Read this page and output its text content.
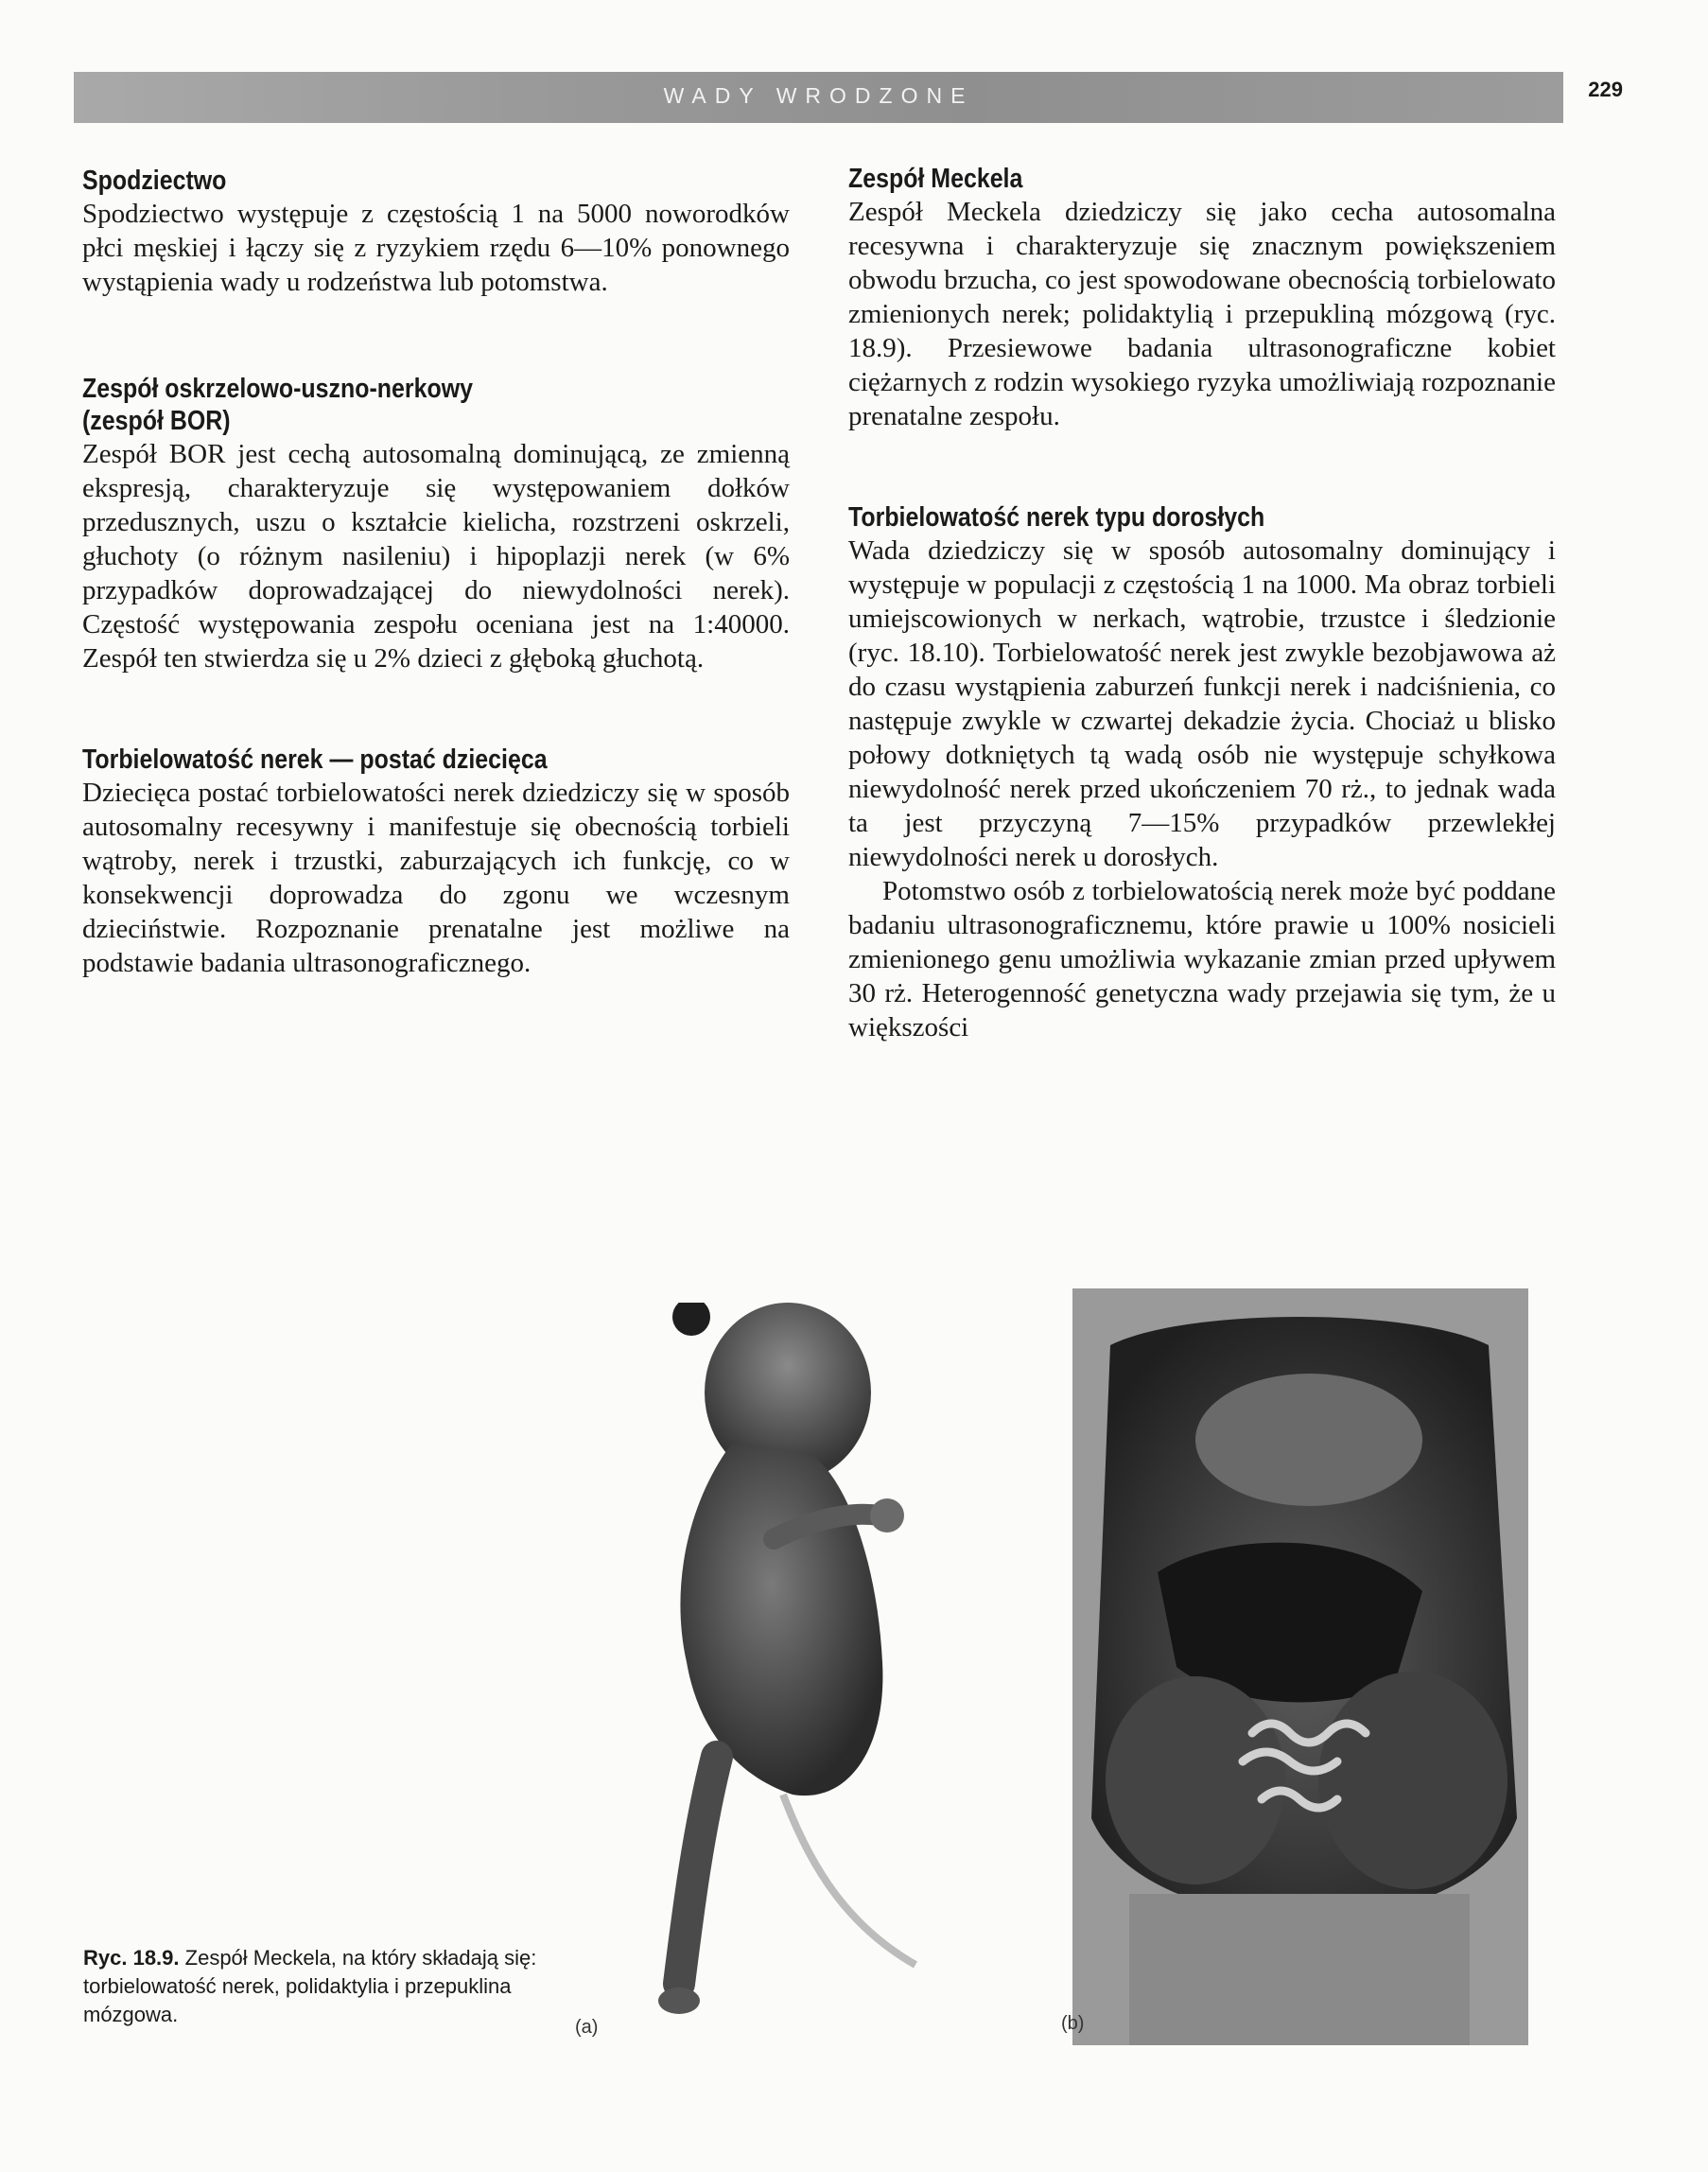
WADY WRODZONE	229
Spodziectwo

Spodziectwo występuje z częstością 1 na 5000 noworodków płci męskiej i łączy się z ryzykiem rzędu 6—10% ponownego wystąpienia wady u rodzeństwa lub potomstwa.

Zespół oskrzelowo-uszno-nerkowy
(zespół BOR)

Zespół BOR jest cechą autosomalną dominującą, ze zmienną ekspresją, charakteryzuje się występowaniem dołków przedusznych, uszu o kształcie kielicha, rozstrzeni oskrzeli, głuchoty (o różnym nasileniu) i hipoplazji nerek (w 6% przypadków doprowadzającej do niewydolności nerek). Częstość występowania zespołu oceniana jest na 1:40000. Zespół ten stwierdza się u 2% dzieci z głęboką głuchotą.

Torbielowatość nerek — postać dziecięca

Dziecięca postać torbielowatości nerek dziedziczy się w sposób autosomalny recesywny i manifestuje się obecnością torbieli wątroby, nerek i trzustki, zaburzających ich funkcję, co w konsekwencji doprowadza do zgonu we wczesnym dzieciństwie. Rozpoznanie prenatalne jest możliwe na podstawie badania ultrasonograficznego.

Zespół Meckela

Zespół Meckela dziedziczy się jako cecha autosomalna recesywna i charakteryzuje się znacznym powiększeniem obwodu brzucha, co jest spowodowane obecnością torbielowato zmienionych nerek; polidaktylią i przepukliną mózgową (ryc. 18.9). Przesiewowe badania ultrasonograficzne kobiet ciężarnych z rodzin wysokiego ryzyka umożliwiają rozpoznanie prenatalne zespołu.

Torbielowatość nerek typu dorosłych

Wada dziedziczy się w sposób autosomalny dominujący i występuje w populacji z częstością 1 na 1000. Ma obraz torbieli umiejscowionych w nerkach, wątrobie, trzustce i śledzionie (ryc. 18.10). Torbielowatość nerek jest zwykle bezobjawowa aż do czasu wystąpienia zaburzeń funkcji nerek i nadciśnienia, co następuje zwykle w czwartej dekadzie życia. Chociaż u blisko połowy dotkniętych tą wadą osób nie występuje schyłkowa niewydolność nerek przed ukończeniem 70 rż., to jednak wada ta jest przyczyną 7—15% przypadków przewlekłej niewydolności nerek u dorosłych.

Potomstwo osób z torbielowatością nerek może być poddane badaniu ultrasonograficznemu, które prawie u 100% nosicieli zmienionego genu umożliwia wykazanie zmian przed upływem 30 rż. Heterogenność genetyczna wady przejawia się tym, że u większości

(a)	(b)
Ryc. 18.9. Zespół Meckela, na który składają się: torbielowatość nerek, polidaktylia i przepuklina mózgowa.
